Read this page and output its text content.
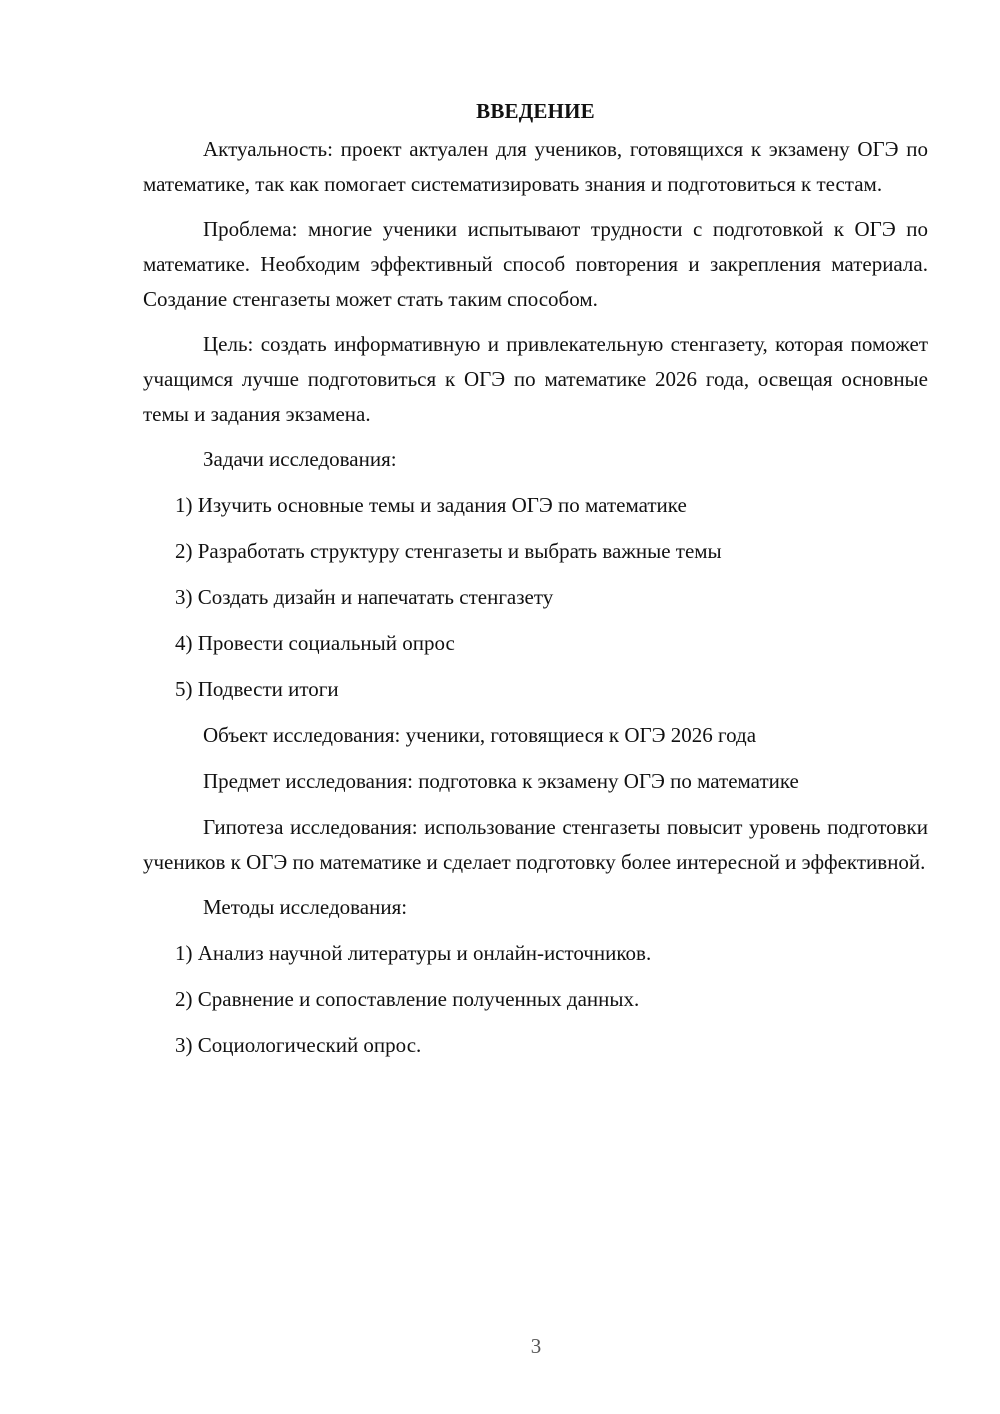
ВВЕДЕНИЕ
Актуальность: проект актуален для учеников, готовящихся к экзамену ОГЭ по математике, так как помогает систематизировать знания и подготовиться к тестам.
Проблема: многие ученики испытывают трудности с подготовкой к ОГЭ по математике. Необходим эффективный способ повторения и закрепления материала. Создание стенгазеты может стать таким способом.
Цель: создать информативную и привлекательную стенгазету, которая поможет учащимся лучше подготовиться к ОГЭ по математике 2026 года, освещая основные темы и задания экзамена.
Задачи исследования:
1) Изучить основные темы и задания ОГЭ по математике
2) Разработать структуру стенгазеты и выбрать важные темы
3) Создать дизайн и напечатать стенгазету
4) Провести социальный опрос
5) Подвести итоги
Объект исследования: ученики, готовящиеся к ОГЭ 2026 года
Предмет исследования: подготовка к экзамену ОГЭ по математике
Гипотеза исследования: использование стенгазеты повысит уровень подготовки учеников к ОГЭ по математике и сделает подготовку более интересной и эффективной.
Методы исследования:
1) Анализ научной литературы и онлайн-источников.
2) Сравнение и сопоставление полученных данных.
3) Социологический опрос.
3
